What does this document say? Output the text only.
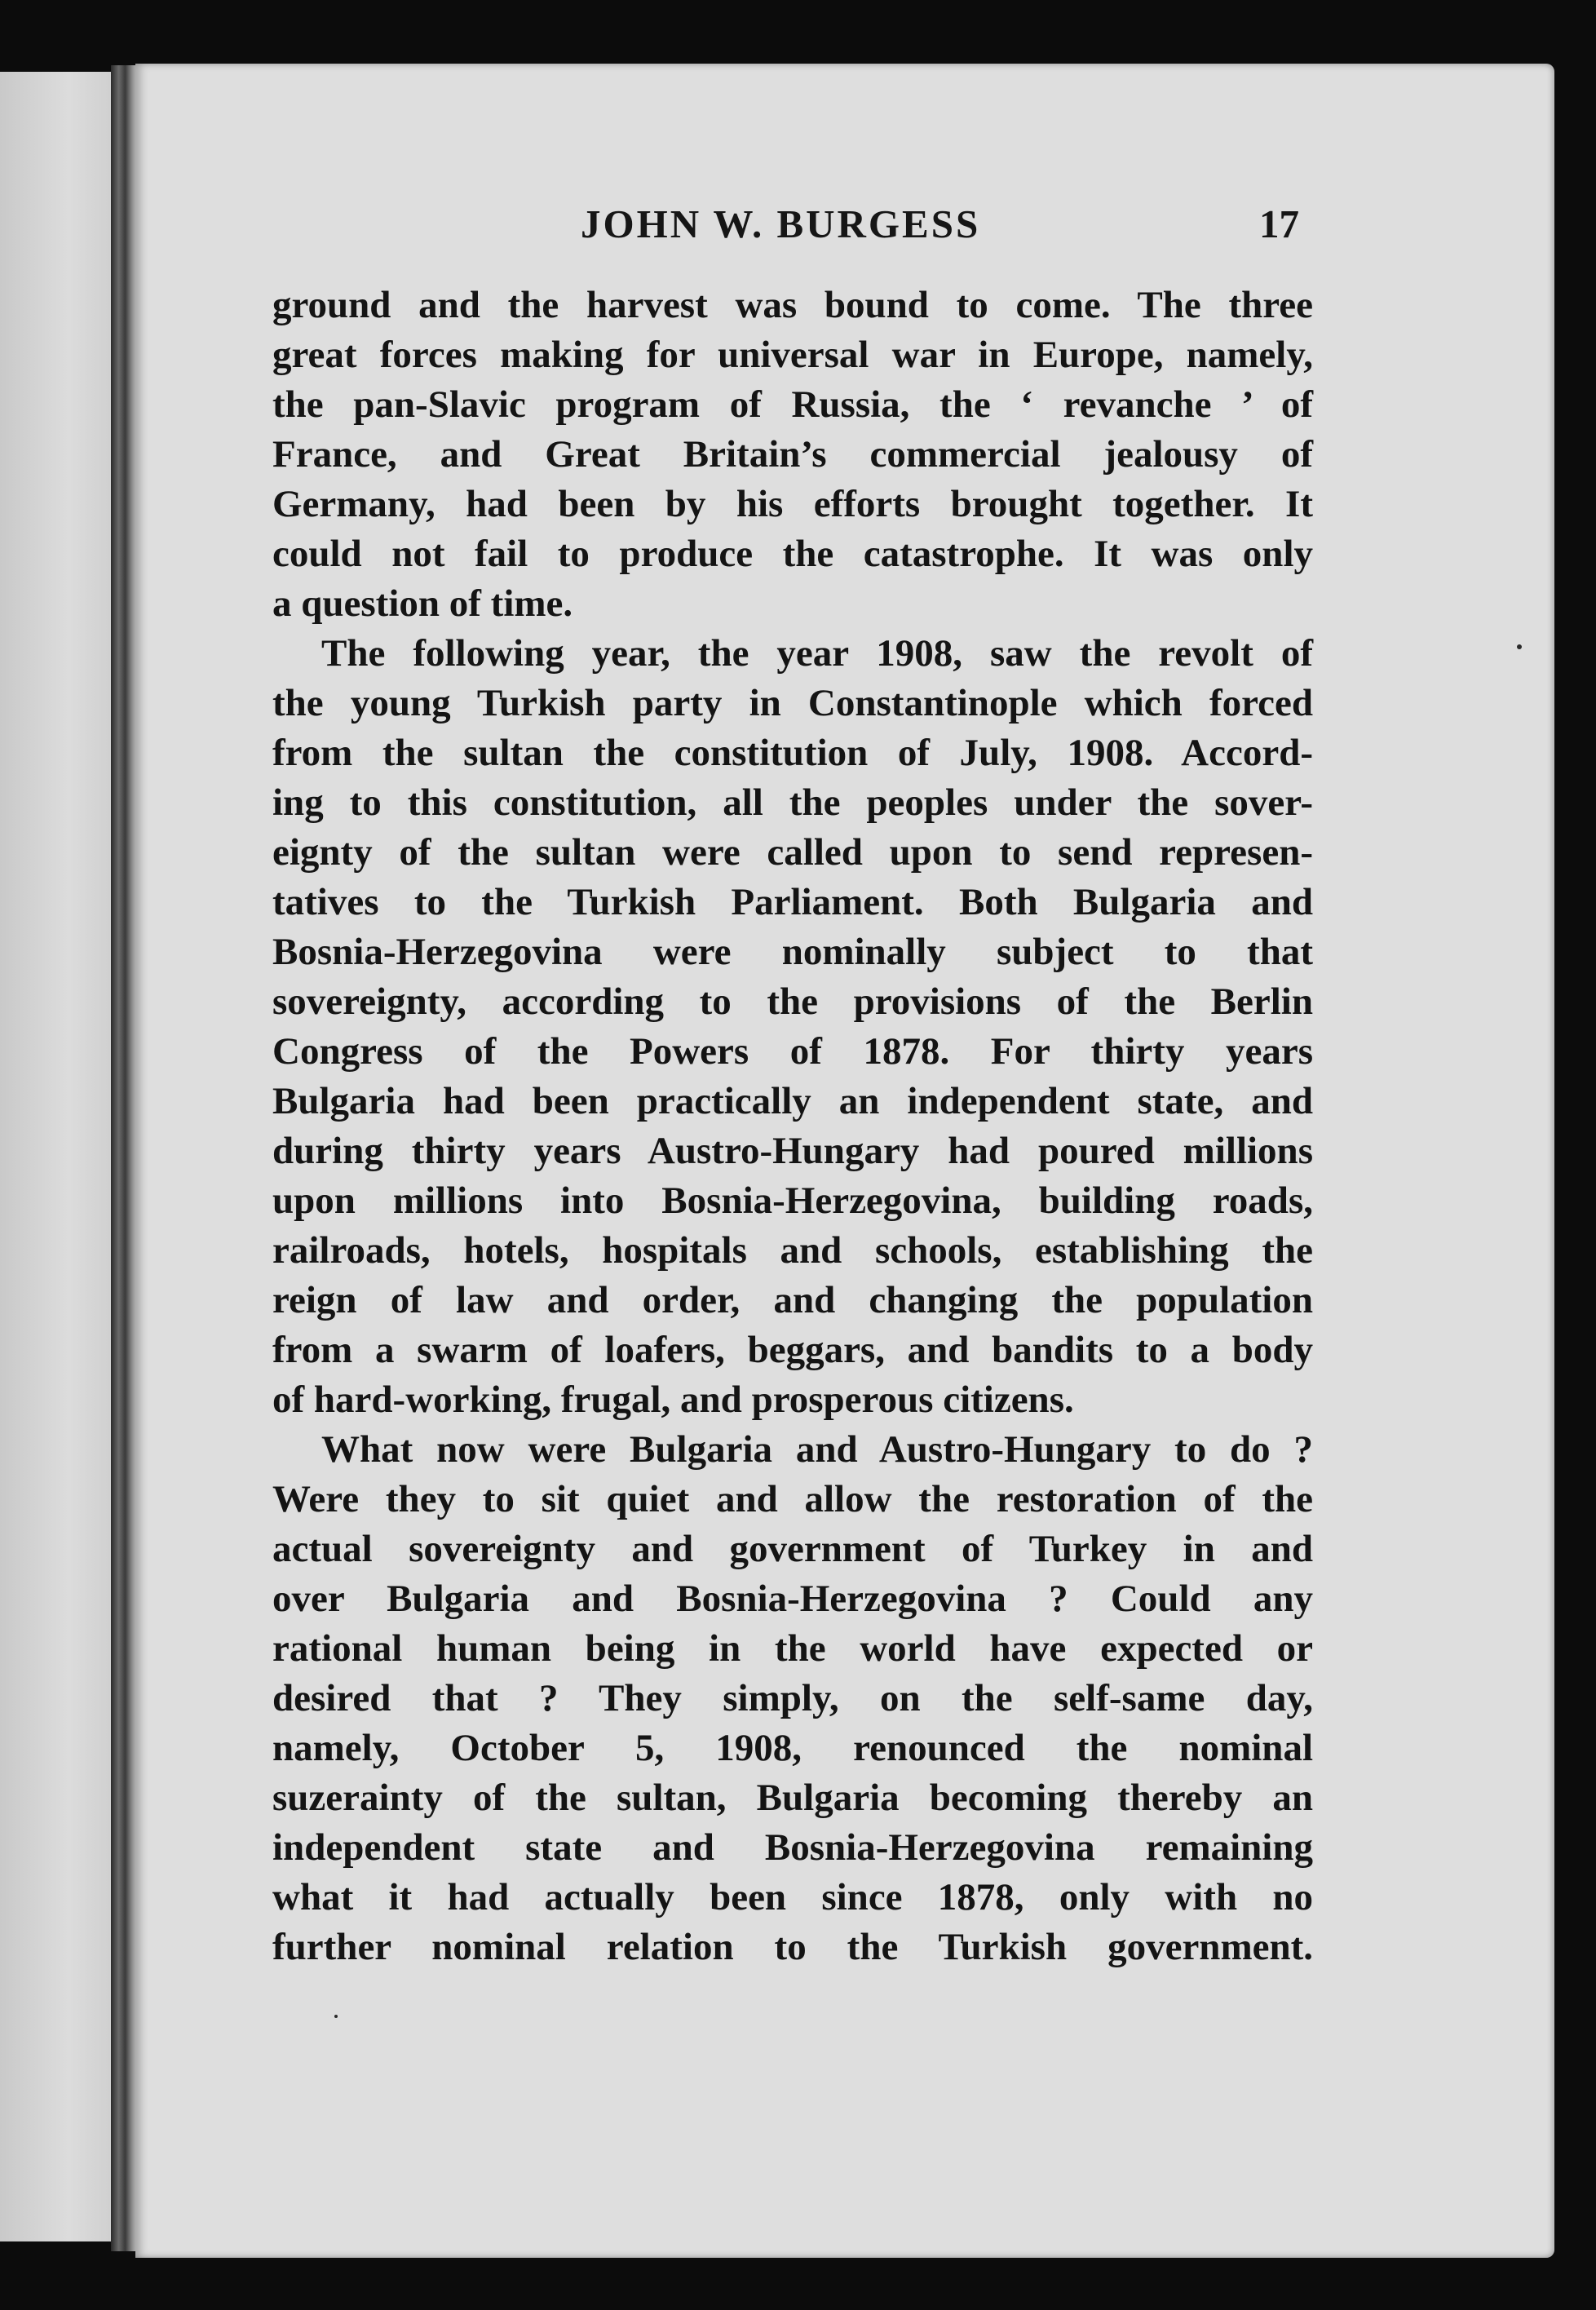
JOHN W. BURGESS	17
ground and the harvest was bound to come. The three
great forces making for universal war in Europe, namely,
the pan-Slavic program of Russia, the ‘ revanche ’ of
France, and Great Britain’s commercial jealousy of
Germany, had been by his efforts brought together. It
could not fail to produce the catastrophe. It was only
a question of time.
The following year, the year 1908, saw the revolt of
the young Turkish party in Constantinople which forced
from the sultan the constitution of July, 1908. Accord-
ing to this constitution, all the peoples under the sover-
eignty of the sultan were called upon to send represen-
tatives to the Turkish Parliament. Both Bulgaria and
Bosnia-Herzegovina were nominally subject to that
sovereignty, according to the provisions of the Berlin
Congress of the Powers of 1878. For thirty years
Bulgaria had been practically an independent state, and
during thirty years Austro-Hungary had poured millions
upon millions into Bosnia-Herzegovina, building roads,
railroads, hotels, hospitals and schools, establishing the
reign of law and order, and changing the population
from a swarm of loafers, beggars, and bandits to a body
of hard-working, frugal, and prosperous citizens.
What now were Bulgaria and Austro-Hungary to do ?
Were they to sit quiet and allow the restoration of the
actual sovereignty and government of Turkey in and
over Bulgaria and Bosnia-Herzegovina ? Could any
rational human being in the world have expected or
desired that ? They simply, on the self-same day,
namely, October 5, 1908, renounced the nominal
suzerainty of the sultan, Bulgaria becoming thereby an
independent state and Bosnia-Herzegovina remaining
what it had actually been since 1878, only with no
further nominal relation to the Turkish government.
